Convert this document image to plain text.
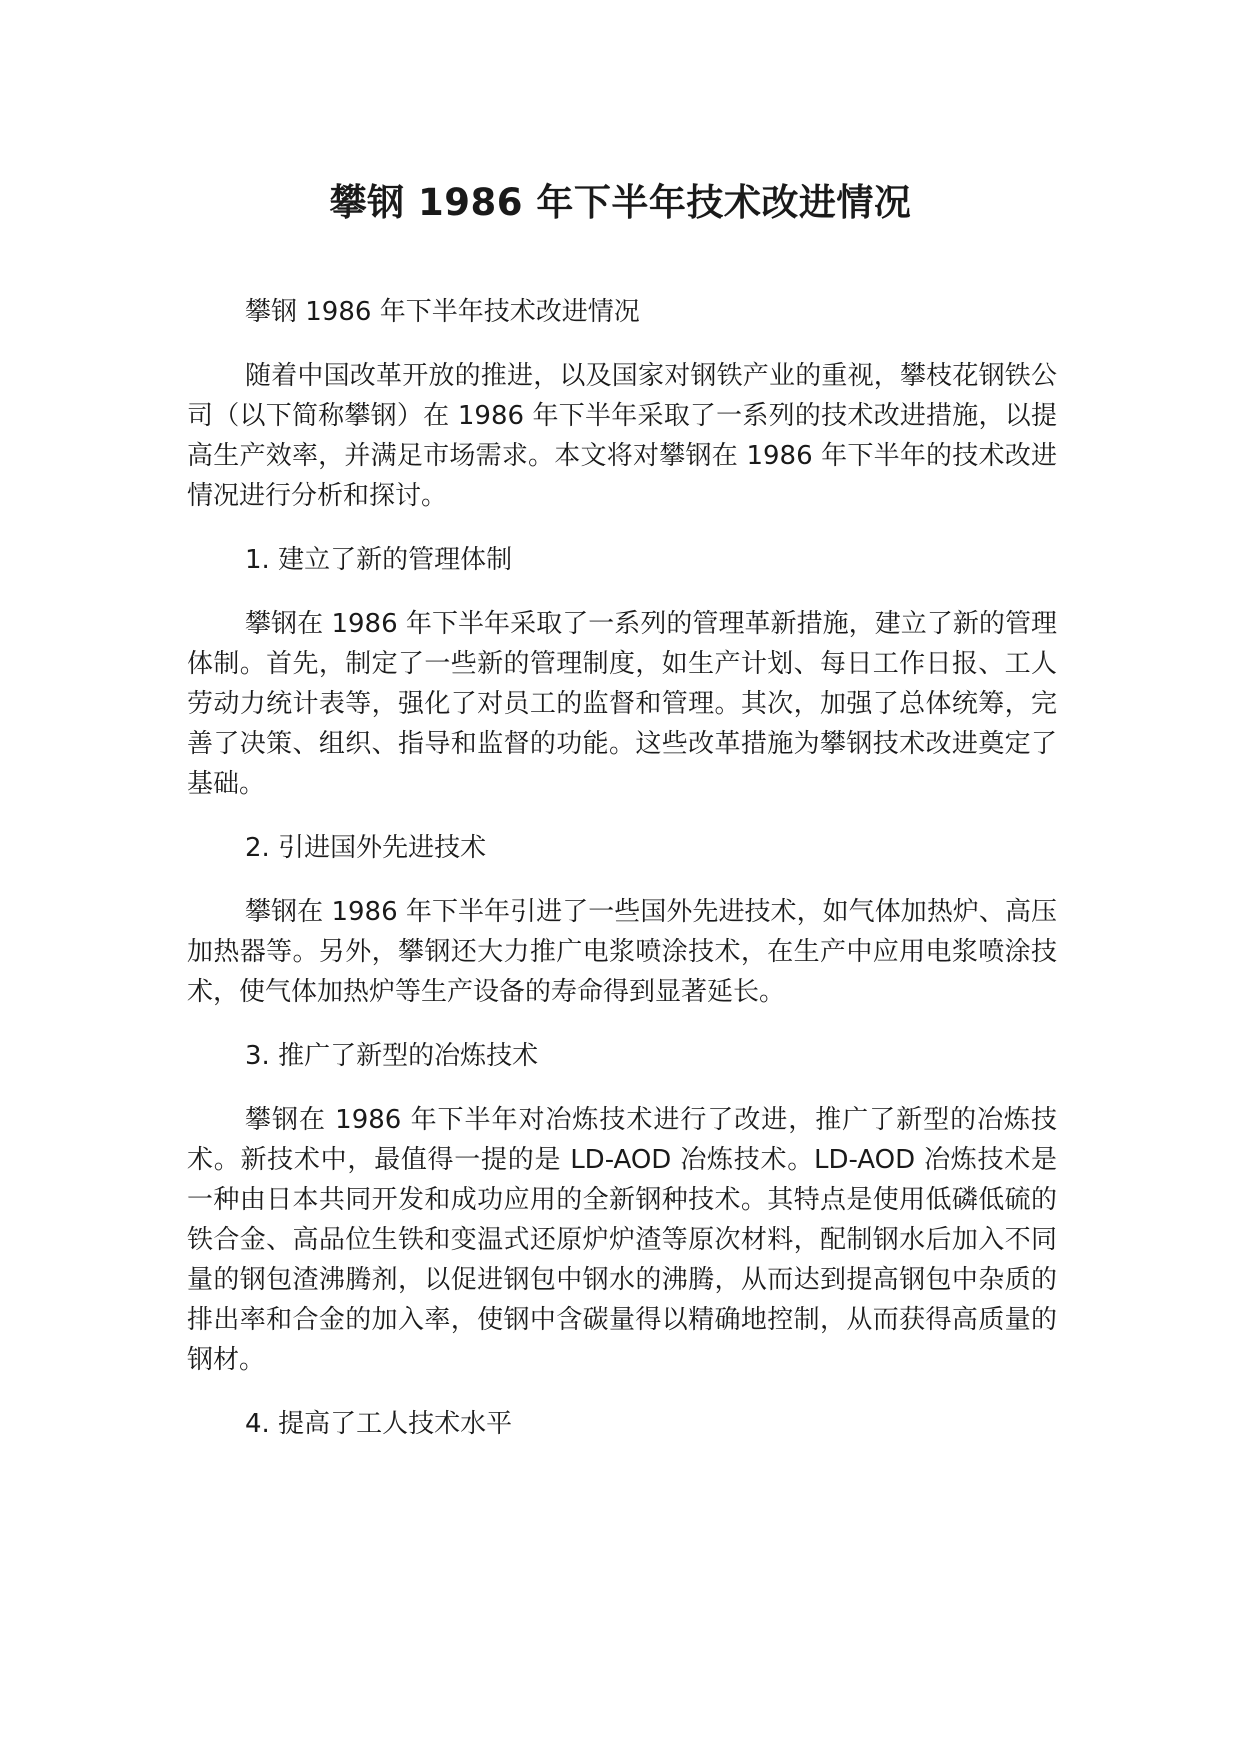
攀钢 1986 年下半年技术改进情况

攀钢 1986 年下半年技术改进情况

随着中国改革开放的推进，以及国家对钢铁产业的重视，攀枝花钢铁公司（以下简称攀钢）在 1986 年下半年采取了一系列的技术改进措施，以提高生产效率，并满足市场需求。本文将对攀钢在 1986 年下半年的技术改进情况进行分析和探讨。

1. 建立了新的管理体制

攀钢在 1986 年下半年采取了一系列的管理革新措施，建立了新的管理体制。首先，制定了一些新的管理制度，如生产计划、每日工作日报、工人劳动力统计表等，强化了对员工的监督和管理。其次，加强了总体统筹，完善了决策、组织、指导和监督的功能。这些改革措施为攀钢技术改进奠定了基础。

2. 引进国外先进技术

攀钢在 1986 年下半年引进了一些国外先进技术，如气体加热炉、高压加热器等。另外，攀钢还大力推广电浆喷涂技术，在生产中应用电浆喷涂技术，使气体加热炉等生产设备的寿命得到显著延长。

3. 推广了新型的冶炼技术

攀钢在 1986 年下半年对冶炼技术进行了改进，推广了新型的冶炼技术。新技术中，最值得一提的是 LD-AOD 冶炼技术。LD-AOD 冶炼技术是一种由日本共同开发和成功应用的全新钢种技术。其特点是使用低磷低硫的铁合金、高品位生铁和变温式还原炉炉渣等原次材料，配制钢水后加入不同量的钢包渣沸腾剂，以促进钢包中钢水的沸腾，从而达到提高钢包中杂质的排出率和合金的加入率，使钢中含碳量得以精确地控制，从而获得高质量的钢材。

4. 提高了工人技术水平
